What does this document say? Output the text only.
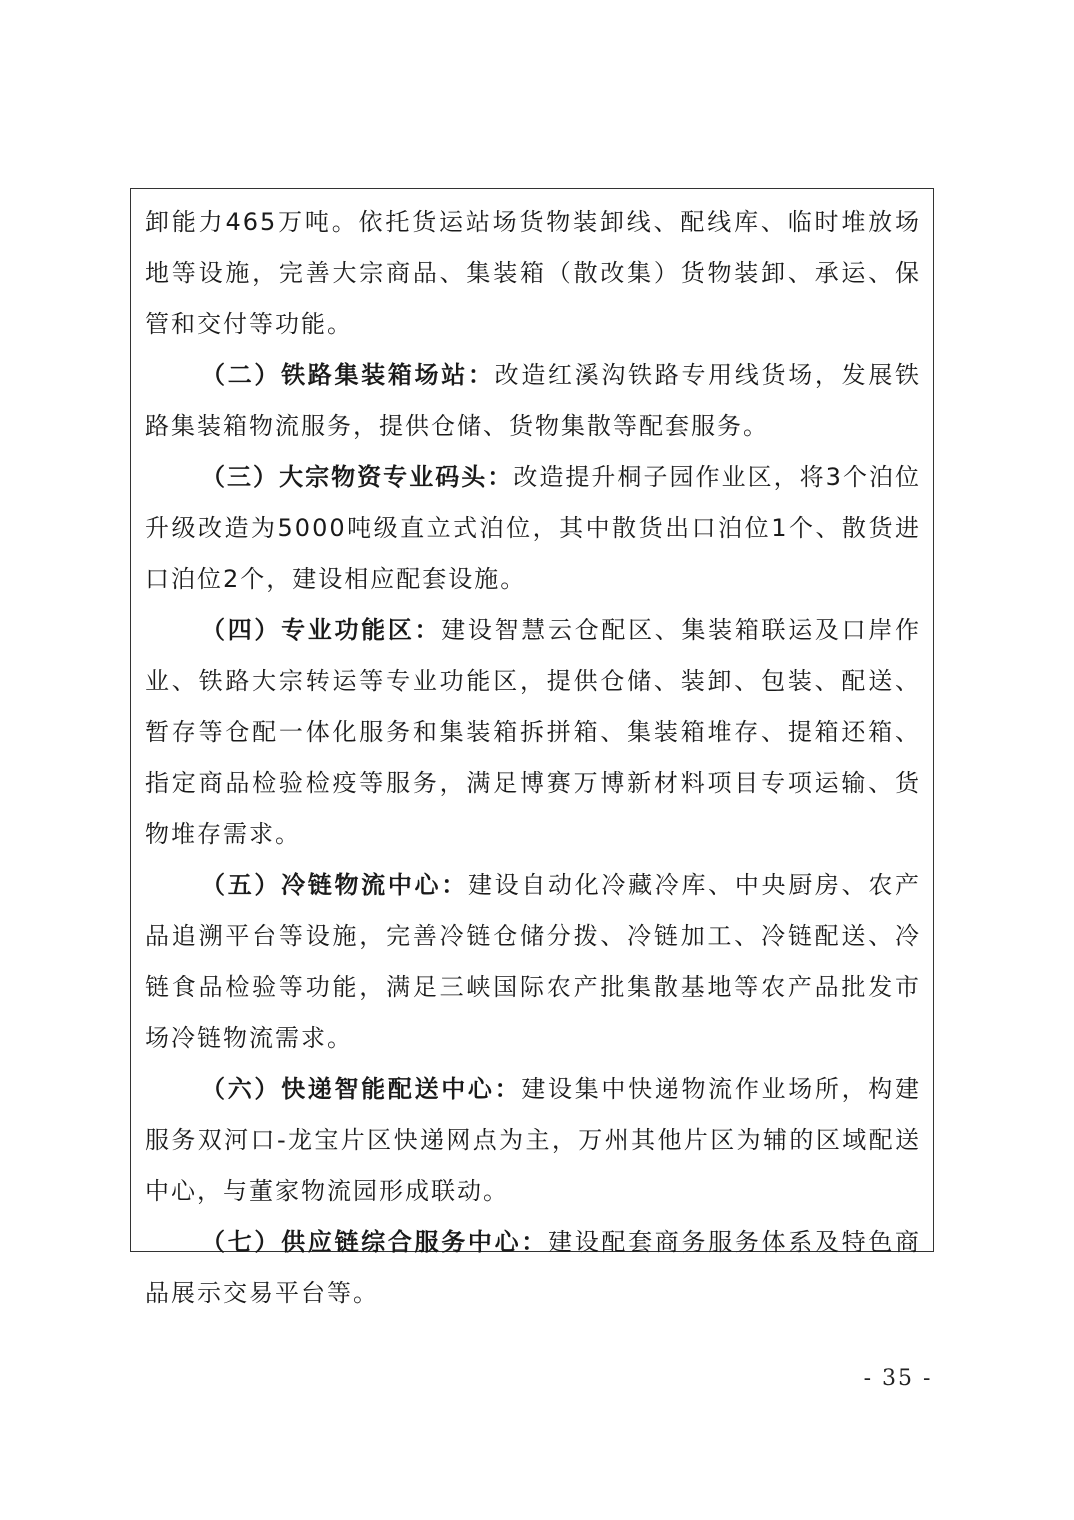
卸能力465万吨。依托货运站场货物装卸线、配线库、临时堆放场地等设施，完善大宗商品、集装箱（散改集）货物装卸、承运、保管和交付等功能。

（二）铁路集装箱场站：改造红溪沟铁路专用线货场，发展铁路集装箱物流服务，提供仓储、货物集散等配套服务。

（三）大宗物资专业码头：改造提升桐子园作业区，将3个泊位升级改造为5000吨级直立式泊位，其中散货出口泊位1个、散货进口泊位2个，建设相应配套设施。

（四）专业功能区：建设智慧云仓配区、集装箱联运及口岸作业、铁路大宗转运等专业功能区，提供仓储、装卸、包装、配送、暂存等仓配一体化服务和集装箱拆拼箱、集装箱堆存、提箱还箱、指定商品检验检疫等服务，满足博赛万博新材料项目专项运输、货物堆存需求。

（五）冷链物流中心：建设自动化冷藏冷库、中央厨房、农产品追溯平台等设施，完善冷链仓储分拨、冷链加工、冷链配送、冷链食品检验等功能，满足三峡国际农产批集散基地等农产品批发市场冷链物流需求。

（六）快递智能配送中心：建设集中快递物流作业场所，构建服务双河口-龙宝片区快递网点为主，万州其他片区为辅的区域配送中心，与董家物流园形成联动。

（七）供应链综合服务中心：建设配套商务服务体系及特色商品展示交易平台等。

- 35 -
